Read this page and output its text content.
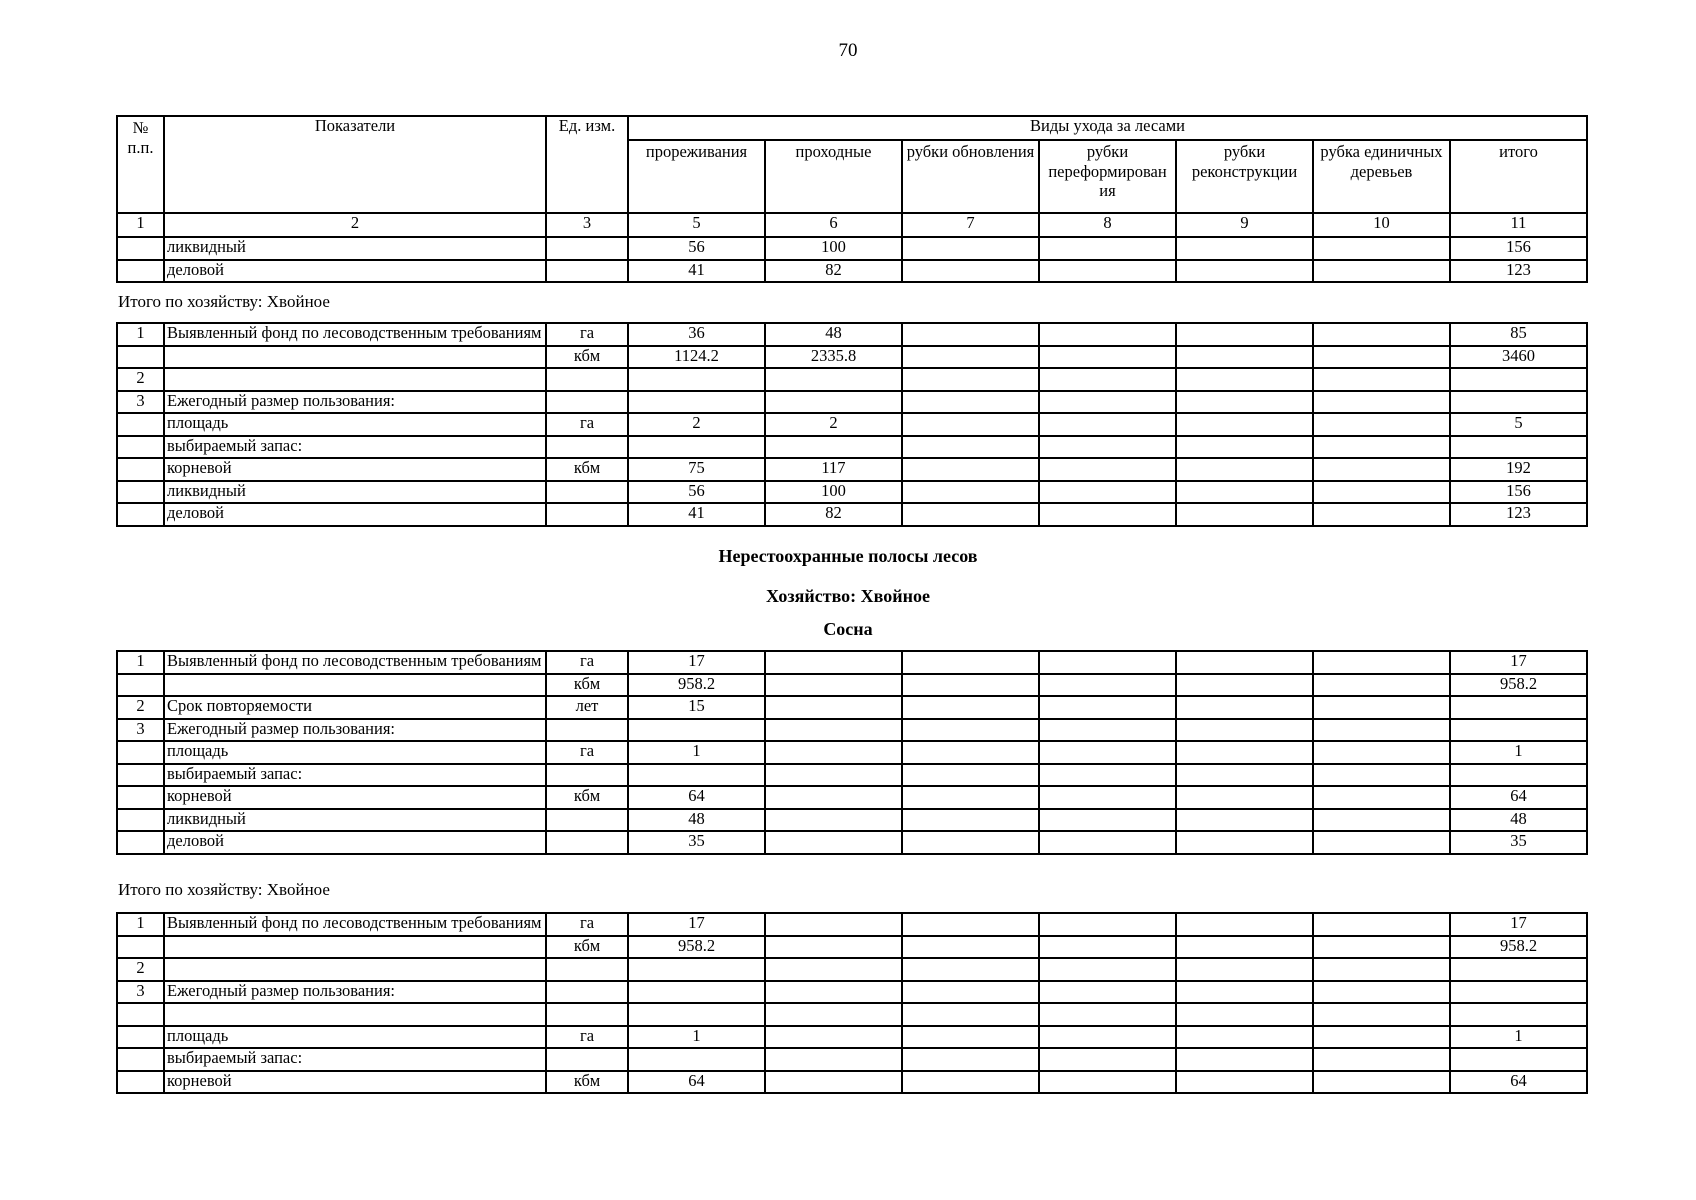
70
№ п.п.	Показатели	Ед. изм.	Виды ухода за лесами						
			прореживания	проходные	рубки обновления	рубки переформирован ия	рубки реконструкции	рубка единичных деревьев	итого
1	2	3	5	6	7	8	9	10	11
	ликвидный		56	100					156
	деловой		41	82					123
Итого по хозяйству: Хвойное
1	Выявленный фонд по лесоводственным требованиям	га	36	48					85
		кбм	1124.2	2335.8					3460
2									
3	Ежегодный размер пользования:								
	площадь	га	2	2					5
	выбираемый запас:								
	корневой	кбм	75	117					192
	ликвидный		56	100					156
	деловой		41	82					123
Нерестоохранные полосы лесов
Хозяйство: Хвойное
Сосна
1	Выявленный фонд по лесоводственным требованиям	га	17						17
		кбм	958.2						958.2
2	Срок повторяемости	лет	15						
3	Ежегодный размер пользования:								
	площадь	га	1						1
	выбираемый запас:								
	корневой	кбм	64						64
	ликвидный		48						48
	деловой		35						35
Итого по хозяйству: Хвойное
1	Выявленный фонд по лесоводственным требованиям	га	17						17
		кбм	958.2						958.2
2									
3	Ежегодный размер пользования:								

	площадь	га	1						1
	выбираемый запас:								
	корневой	кбм	64						64
